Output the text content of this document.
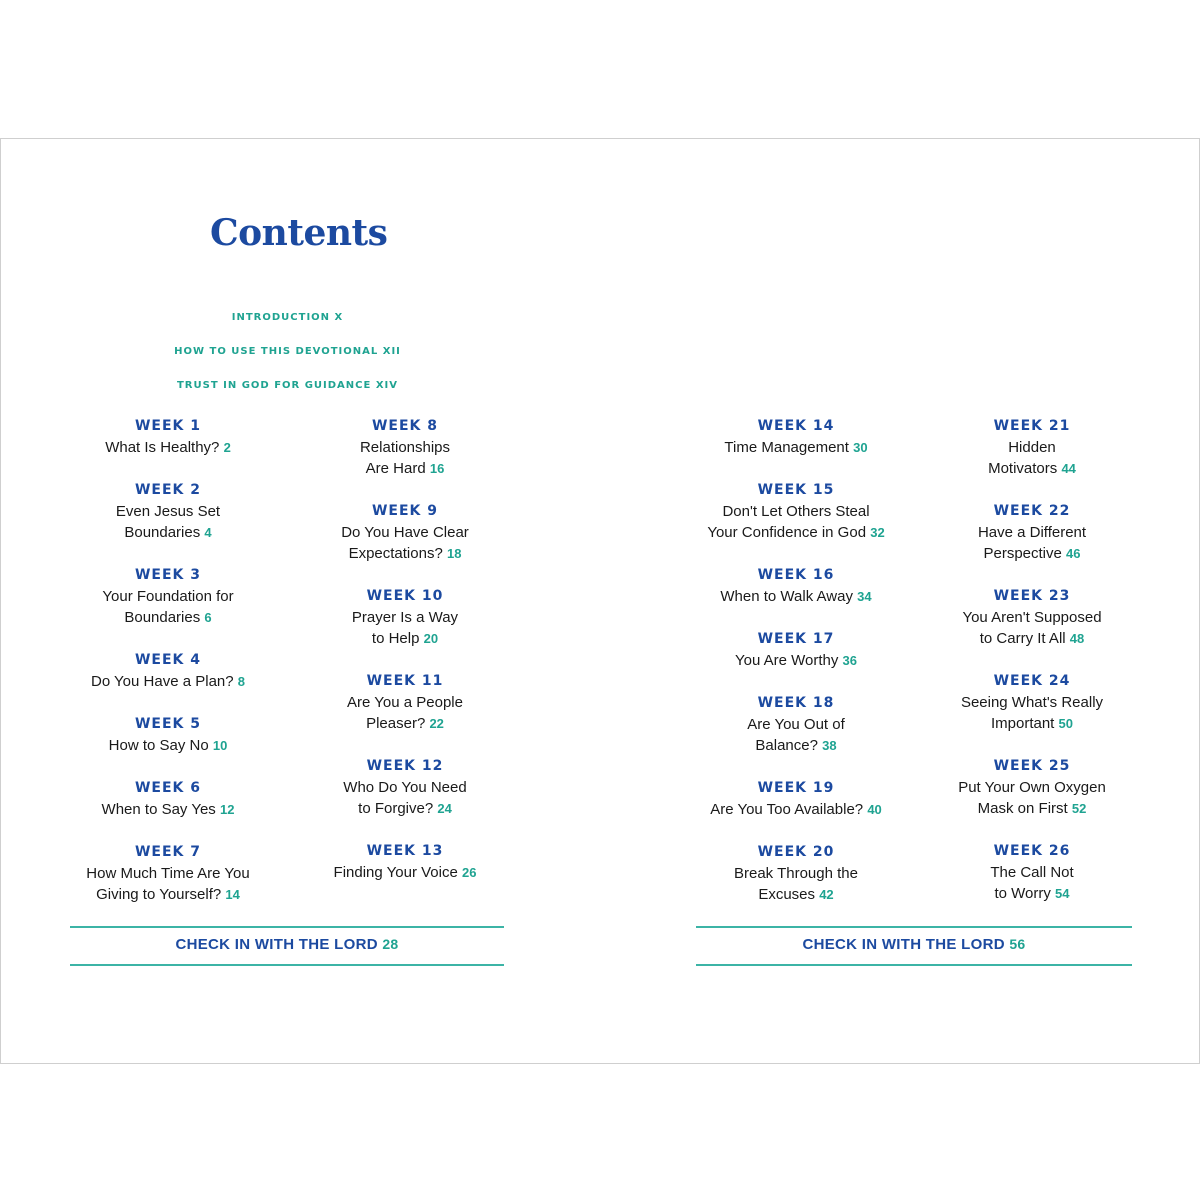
Contents

INTRODUCTION X

HOW TO USE THIS DEVOTIONAL XII

TRUST IN GOD FOR GUIDANCE XIV

WEEK 1
What Is Healthy? 2
WEEK 2
Even Jesus Set
Boundaries 4
WEEK 3
Your Foundation for
Boundaries 6
WEEK 4
Do You Have a Plan? 8
WEEK 5
How to Say No 10
WEEK 6
When to Say Yes 12
WEEK 7
How Much Time Are You
Giving to Yourself? 14
WEEK 8
Relationships
Are Hard 16
WEEK 9
Do You Have Clear
Expectations? 18
WEEK 10
Prayer Is a Way
to Help 20
WEEK 11
Are You a People
Pleaser? 22
WEEK 12
Who Do You Need
to Forgive? 24
WEEK 13
Finding Your Voice 26
WEEK 14
Time Management 30
WEEK 15
Don't Let Others Steal
Your Confidence in God 32
WEEK 16
When to Walk Away 34
WEEK 17
You Are Worthy 36
WEEK 18
Are You Out of
Balance? 38
WEEK 19
Are You Too Available? 40
WEEK 20
Break Through the
Excuses 42
WEEK 21
Hidden
Motivators 44
WEEK 22
Have a Different
Perspective 46
WEEK 23
You Aren't Supposed
to Carry It All 48
WEEK 24
Seeing What's Really
Important 50
WEEK 25
Put Your Own Oxygen
Mask on First 52
WEEK 26
The Call Not
to Worry 54
CHECK IN WITH THE LORD 28	CHECK IN WITH THE LORD 56
